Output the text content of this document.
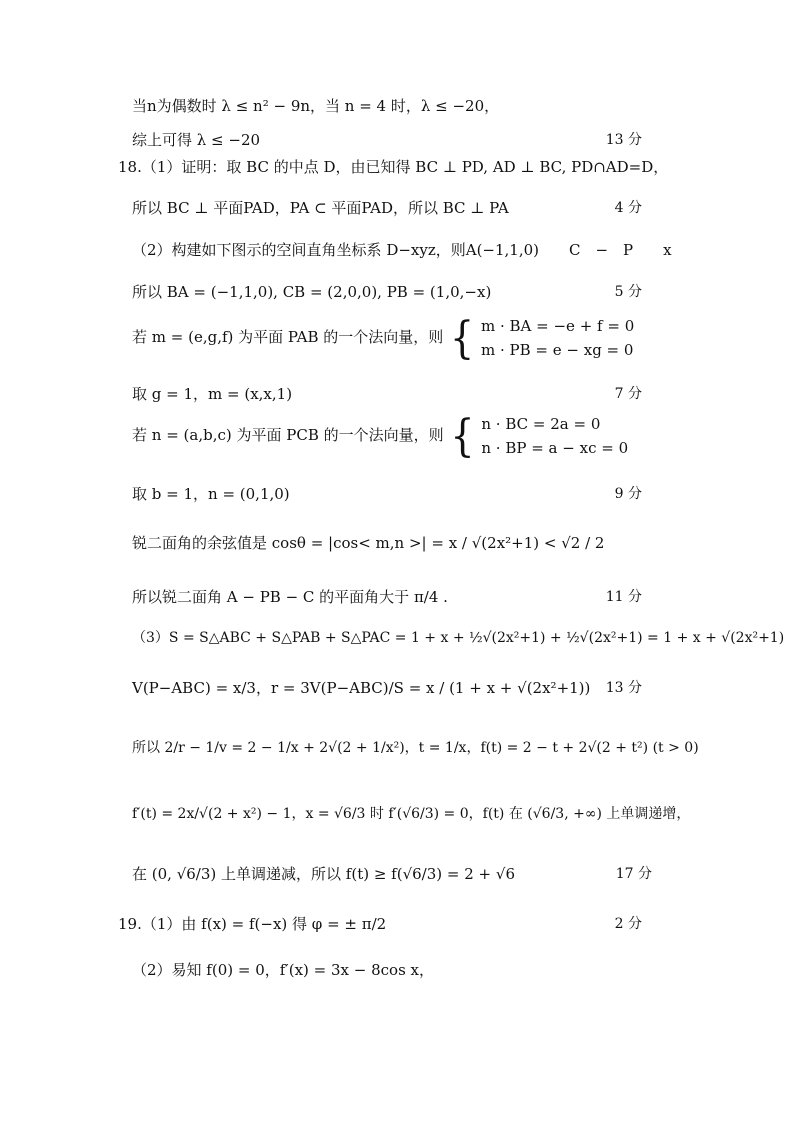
当n为偶数时 λ ≤ n² − 9n，当 n = 4 时，λ ≤ −20，
综上可得 λ ≤ −20	13 分
18.（1）证明：取 BC 的中点 D，由已知得 BC ⊥ PD, AD ⊥ BC, PD∩AD=D，
所以 BC ⊥ 平面PAD，PA ⊂ 平面PAD，所以 BC ⊥ PA	4 分
（2）构建如下图示的空间直角坐标系 D−xyz，则A(−1,1,0)　　C　−　P　　x
所以 BA = (−1,1,0), CB = (2,0,0), PB = (1,0,−x)	5 分
若 m = (e,g,f) 为平面 PAB 的一个法向量，则 { m · BA = −e + f = 0
m · PB = e − xg = 0
取 g = 1，m = (x,x,1)	7 分
若 n = (a,b,c) 为平面 PCB 的一个法向量，则 { n · BC = 2a = 0
n · BP = a − xc = 0
取 b = 1，n = (0,1,0)	9 分
锐二面角的余弦值是 cosθ = |cos< m,n >| = x / √(2x²+1) < √2 / 2
所以锐二面角 A − PB − C 的平面角大于 π/4 .	11 分
（3）S = S△ABC + S△PAB + S△PAC = 1 + x + ½√(2x²+1) + ½√(2x²+1) = 1 + x + √(2x²+1)
V(P−ABC) = x/3，r = 3V(P−ABC)/S = x / (1 + x + √(2x²+1)) 13 分
所以 2/r − 1/v = 2 − 1/x + 2√(2 + 1/x²)，t = 1/x，f(t) = 2 − t + 2√(2 + t²) (t > 0)
f′(t) = 2x/√(2 + x²) − 1，x = √6/3 时 f′(√6/3) = 0，f(t) 在 (√6/3, +∞) 上单调递增，
在 (0, √6/3) 上单调递减，所以 f(t) ≥ f(√6/3) = 2 + √6	17 分
19.（1）由 f(x) = f(−x) 得 φ = ± π/2	2 分
（2）易知 f(0) = 0，f′(x) = 3x − 8cos x，
